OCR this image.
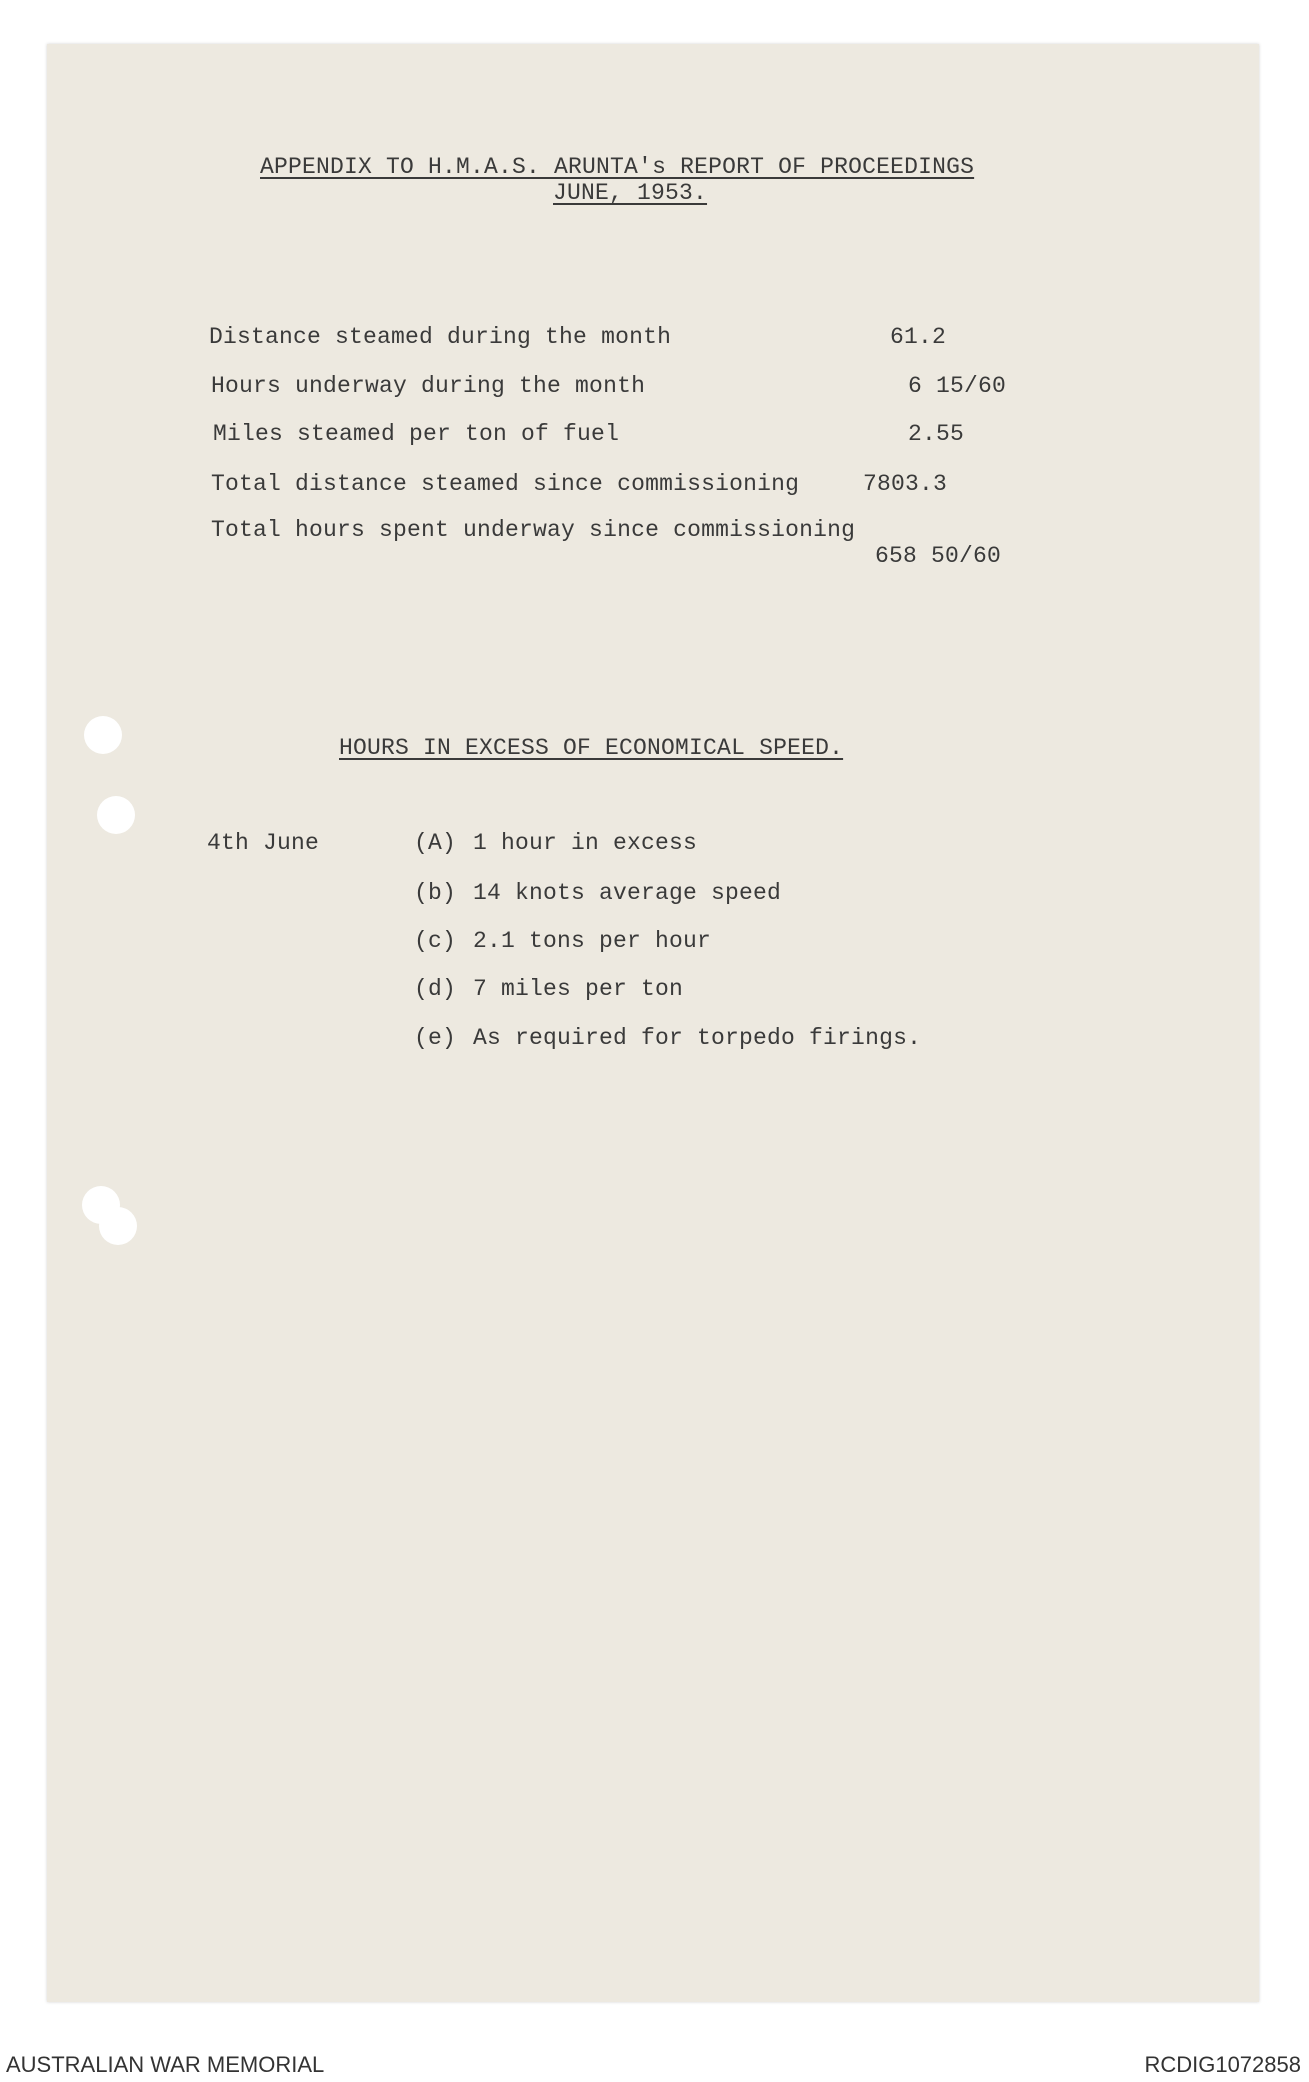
APPENDIX TO H.M.A.S. ARUNTA's REPORT OF PROCEEDINGS
JUNE, 1953.
Distance steamed during the month	61.2
Hours underway during the month	6 15/60
Miles steamed per ton of fuel	2.55
Total distance steamed since commissioning	7803.3
Total hours spent underway since commissioning
658 50/60
HOURS IN EXCESS OF ECONOMICAL SPEED.
4th June	(A) 1 hour in excess
(b) 14 knots average speed
(c) 2.1 tons per hour
(d) 7 miles per ton
(e) As required for torpedo firings.
AUSTRALIAN WAR MEMORIAL	RCDIG1072858
